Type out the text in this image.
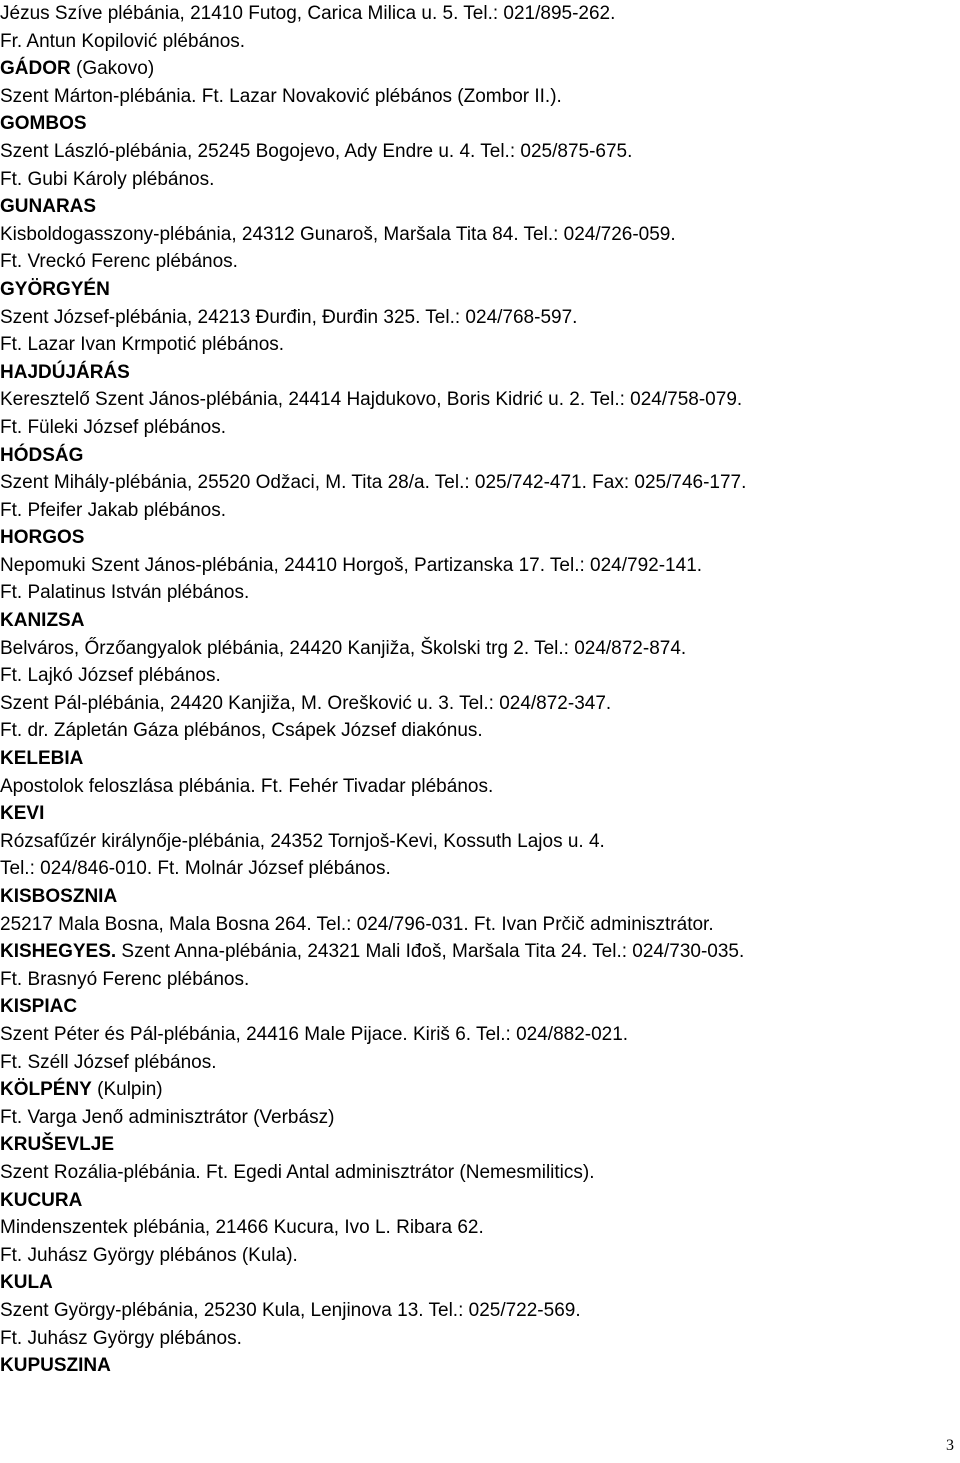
Jézus Szíve plébánia, 21410 Futog, Carica Milica u. 5. Tel.: 021/895-262.
Fr. Antun Kopilović plébános.
GÁDOR (Gakovo)
Szent Márton-plébánia. Ft. Lazar Novaković plébános (Zombor II.).
GOMBOS
Szent László-plébánia, 25245 Bogojevo, Ady Endre u. 4. Tel.: 025/875-675.
Ft. Gubi Károly plébános.
GUNARAS
Kisboldogasszony-plébánia, 24312 Gunaroš, Maršala Tita 84. Tel.: 024/726-059.
Ft. Vreckó Ferenc plébános.
GYÖRGYÉN
Szent József-plébánia, 24213 Đurđin, Đurđin 325. Tel.: 024/768-597.
Ft. Lazar Ivan Krmpotić plébános.
HAJDÚJÁRÁS
Keresztelő Szent János-plébánia, 24414 Hajdukovo, Boris Kidrić u. 2. Tel.: 024/758-079.
Ft. Füleki József plébános.
HÓDSÁG
Szent Mihály-plébánia, 25520 Odžaci, M. Tita 28/a. Tel.: 025/742-471. Fax: 025/746-177.
Ft. Pfeifer Jakab plébános.
HORGOS
Nepomuki Szent János-plébánia, 24410 Horgoš, Partizanska 17. Tel.: 024/792-141.
Ft. Palatinus István plébános.
KANIZSA
Belváros, Őrzőangyalok plébánia, 24420 Kanjiža, Školski trg 2. Tel.: 024/872-874.
Ft. Lajkó József plébános.
Szent Pál-plébánia, 24420 Kanjiža, M. Orešković u. 3. Tel.: 024/872-347.
Ft. dr. Zápletán Gáza plébános, Csápek József diakónus.
KELEBIA
Apostolok feloszlása plébánia. Ft. Fehér Tivadar plébános.
KEVI
Rózsafűzér királynője-plébánia, 24352 Tornjoš-Kevi, Kossuth Lajos u. 4.
Tel.: 024/846-010. Ft. Molnár József plébános.
KISBOSZNIA
25217 Mala Bosna, Mala Bosna 264. Tel.: 024/796-031. Ft. Ivan Prčič adminisztrátor.
KISHEGYES. Szent Anna-plébánia, 24321 Mali Iđoš, Maršala Tita 24. Tel.: 024/730-035.
Ft. Brasnyó Ferenc plébános.
KISPIAC
Szent Péter és Pál-plébánia, 24416 Male Pijace. Kiriš 6. Tel.: 024/882-021.
Ft. Széll József plébános.
KÖLPÉNY (Kulpin)
Ft. Varga Jenő adminisztrátor (Verbász)
KRUŠEVLJE
Szent Rozália-plébánia. Ft. Egedi Antal adminisztrátor (Nemesmilitics).
KUCURA
Mindenszentek plébánia, 21466 Kucura, Ivo L. Ribara 62.
Ft. Juhász György plébános (Kula).
KULA
Szent György-plébánia, 25230 Kula, Lenjinova 13. Tel.: 025/722-569.
Ft. Juhász György plébános.
KUPUSZINA
3
